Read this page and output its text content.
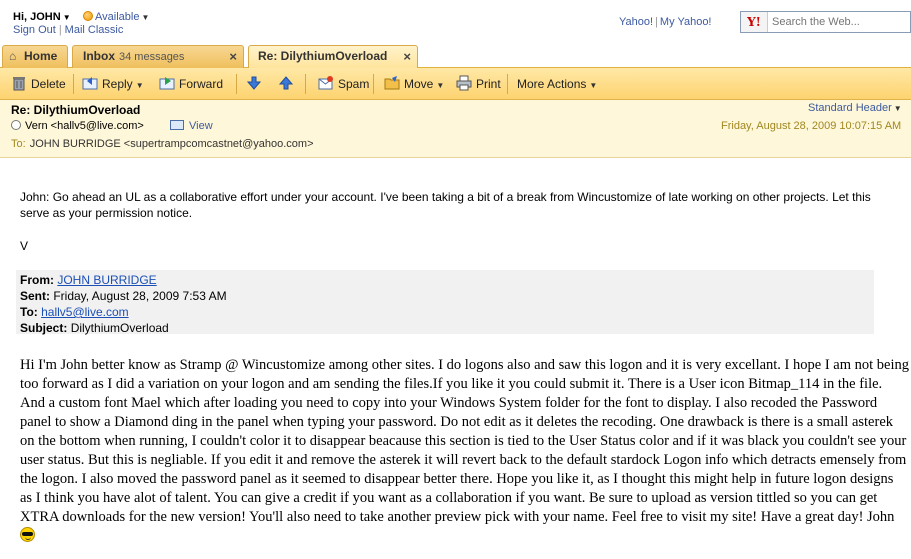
Hi, JOHN ▼	Available ▼
Sign Out | Mail Classic
Yahoo! | My Yahoo!	Y!
Search the Web...
⌂ Home	Inbox 34 messages	×	Re: DilythiumOverload ×
Delete	Reply ▼	Forward	Spam	Move ▼	Print More Actions ▼
Re: DilythiumOverload	Standard Header ▼
Vern <hallv5@live.com>	View	Friday, August 28, 2009 10:07:15 AM
To: JOHN BURRIDGE <supertrampcomcastnet@yahoo.com>
John: Go ahead an UL as a collaborative effort under your account. I've been taking a bit of a break from Wincustomize of late working on other projects. Let this serve as your permission notice.
V
From: JOHN BURRIDGE
Sent: Friday, August 28, 2009 7:53 AM
To: hallv5@live.com
Subject: DilythiumOverload
Hi I'm John better know as Stramp @ Wincustomize among other sites. I do logons also and saw this logon and it is very excellant. I hope I am not being too forward as I did a variation on your logon and am sending the files.If you like it you could submit it. There is a User icon Bitmap_114 in the file. And a custom font Mael which after loading you need to copy into your Windows System folder for the font to display. I also recoded the Password panel to show a Diamond ding in the panel when typing your password. Do not edit as it deletes the recoding. One drawback is there is a small asterek on the bottom when running, I couldn't color it to disappear beacause this section is tied to the User Status color and if it was black you couldn't see your user status. But this is negliable. If you edit it and remove the asterek it will revert back to the default stardock Logon info which detracts emensely from the logon. I also moved the password panel as it seemed to disappear better there. Hope you like it, as I thought this might help in future logon designs as I think you have alot of talent. You can give a credit if you want as a collaboration if you want. Be sure to upload as version tittled so you can get XTRA downloads for the new version! You'll also need to take another preview pick with your name. Feel free to visit my site! Have a great day! John
